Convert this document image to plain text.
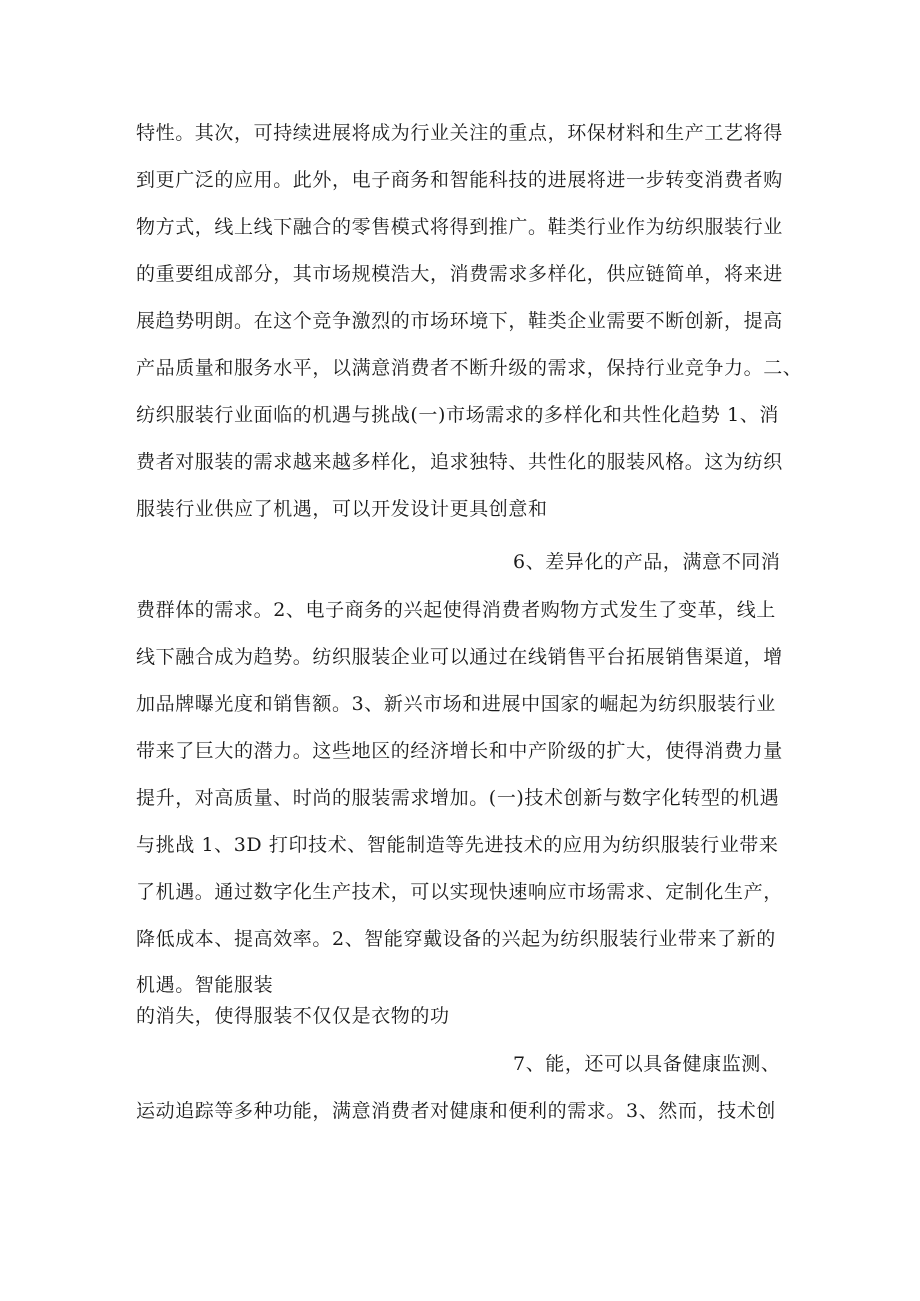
特性。其次，可持续进展将成为行业关注的重点，环保材料和生产工艺将得
到更广泛的应用。此外，电子商务和智能科技的进展将进一步转变消费者购
物方式，线上线下融合的零售模式将得到推广。鞋类行业作为纺织服装行业
的重要组成部分，其市场规模浩大，消费需求多样化，供应链简单，将来进
展趋势明朗。在这个竞争激烈的市场环境下，鞋类企业需要不断创新，提高
产品质量和服务水平，以满意消费者不断升级的需求，保持行业竞争力。二、
纺织服装行业面临的机遇与挑战(一)市场需求的多样化和共性化趋势 1、消
费者对服装的需求越来越多样化，追求独特、共性化的服装风格。这为纺织
服装行业供应了机遇，可以开发设计更具创意和
6、差异化的产品，满意不同消
费群体的需求。2、电子商务的兴起使得消费者购物方式发生了变革，线上
线下融合成为趋势。纺织服装企业可以通过在线销售平台拓展销售渠道，增
加品牌曝光度和销售额。3、新兴市场和进展中国家的崛起为纺织服装行业
带来了巨大的潜力。这些地区的经济增长和中产阶级的扩大，使得消费力量
提升，对高质量、时尚的服装需求增加。(一)技术创新与数字化转型的机遇
与挑战 1、3D 打印技术、智能制造等先进技术的应用为纺织服装行业带来
了机遇。通过数字化生产技术，可以实现快速响应市场需求、定制化生产，
降低成本、提高效率。2、智能穿戴设备的兴起为纺织服装行业带来了新的
机遇。智能服装
的消失，使得服装不仅仅是衣物的功
7、能，还可以具备健康监测、
运动追踪等多种功能，满意消费者对健康和便利的需求。3、然而，技术创
